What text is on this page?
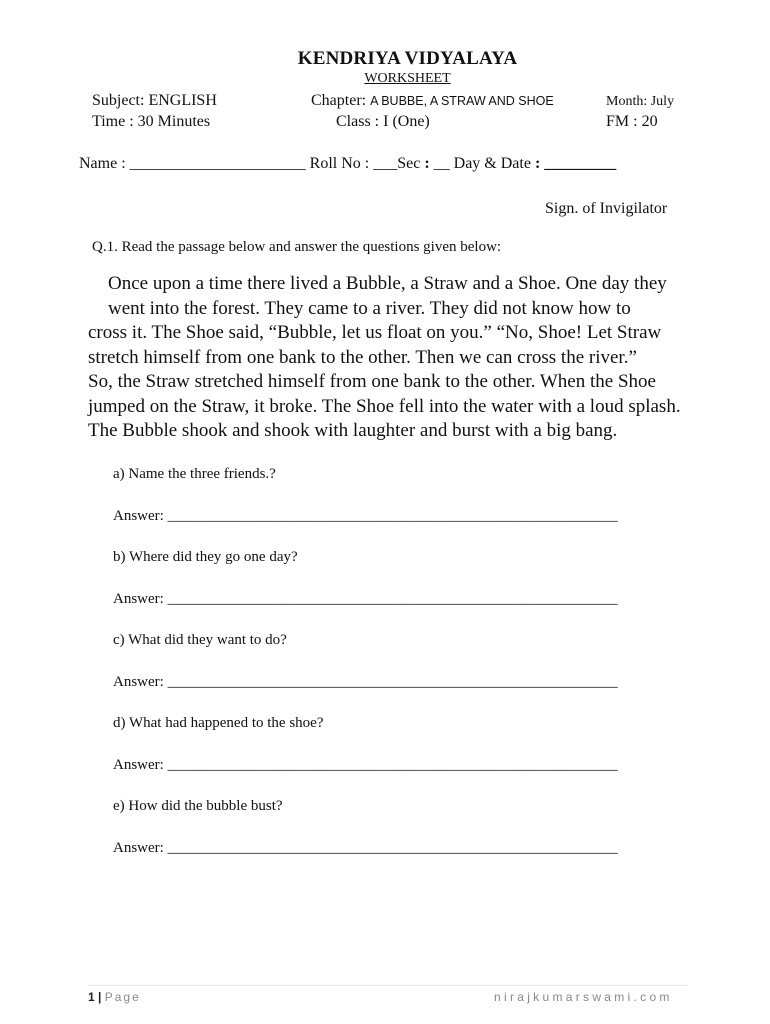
KENDRIYA VIDYALAYA
WORKSHEET
Subject: ENGLISH
Time : 30 Minutes
Chapter: A BUBBE, A STRAW AND SHOE
Class : I (One)
Month: July
FM : 20
Name : ______________________ Roll No : ___Sec : __ Day & Date : _________
Sign. of Invigilator
Q.1. Read the passage below and answer the questions given below:
Once upon a time there lived a Bubble, a Straw and a Shoe. One day they
went into the forest. They came to a river. They did not know how to
cross it. The Shoe said, “Bubble, let us float on you.” “No, Shoe! Let Straw
stretch himself from one bank to the other. Then we can cross the river.”
So, the Straw stretched himself from one bank to the other. When the Shoe
jumped on the Straw, it broke. The Shoe fell into the water with a loud splash.
The Bubble shook and shook with laughter and burst with a big bang.
a) Name the three friends.?
Answer: ____________________________________________________________
b) Where did they go one day?
Answer: ____________________________________________________________
c) What did they want to do?
Answer: ____________________________________________________________
d) What had happened to the shoe?
Answer: ____________________________________________________________
e) How did the bubble bust?
Answer: ____________________________________________________________
1 | Page	nirajkumarswami.com
